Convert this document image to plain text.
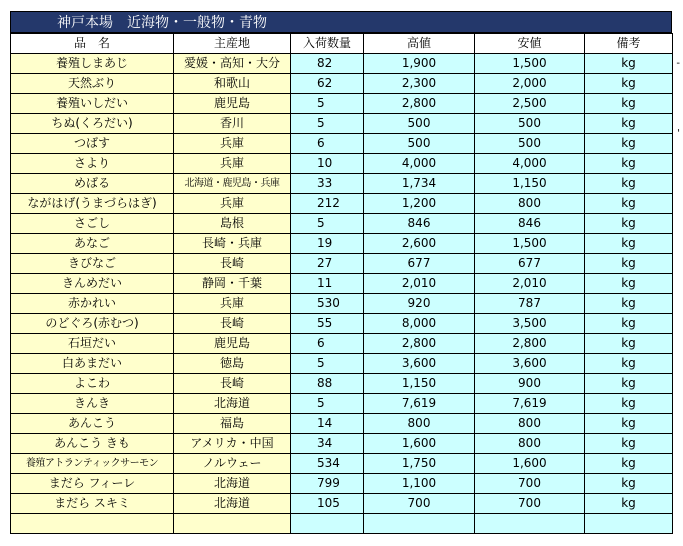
神戸本場　近海物・一般物・青物
品　名	主産地	入荷数量	高値	安値	備考
養殖しまあじ	愛媛・高知・大分	82	1,900	1,500	kg
天然ぶり	和歌山	62	2,300	2,000	kg
養殖いしだい	鹿児島	5	2,800	2,500	kg
ちぬ(くろだい)	香川	5	500	500	kg
つばす	兵庫	6	500	500	kg
さより	兵庫	10	4,000	4,000	kg
めばる	北海道・鹿児島・兵庫	33	1,734	1,150	kg
ながはげ(うまづらはぎ)	兵庫	212	1,200	800	kg
さごし	島根	5	846	846	kg
あなご	長崎・兵庫	19	2,600	1,500	kg
きびなご	長崎	27	677	677	kg
きんめだい	静岡・千葉	11	2,010	2,010	kg
赤かれい	兵庫	530	920	787	kg
のどぐろ(赤むつ)	長崎	55	8,000	3,500	kg
石垣だい	鹿児島	6	2,800	2,800	kg
白あまだい	徳島	5	3,600	3,600	kg
よこわ	長崎	88	1,150	900	kg
きんき	北海道	5	7,619	7,619	kg
あんこう	福島	14	800	800	kg
あんこう きも	アメリカ・中国	34	1,600	800	kg
養殖アトランティックサーモン	ノルウェー	534	1,750	1,600	kg
まだら フィーレ	北海道	799	1,100	700	kg
まだら スキミ	北海道	105	700	700	kg

-
'
